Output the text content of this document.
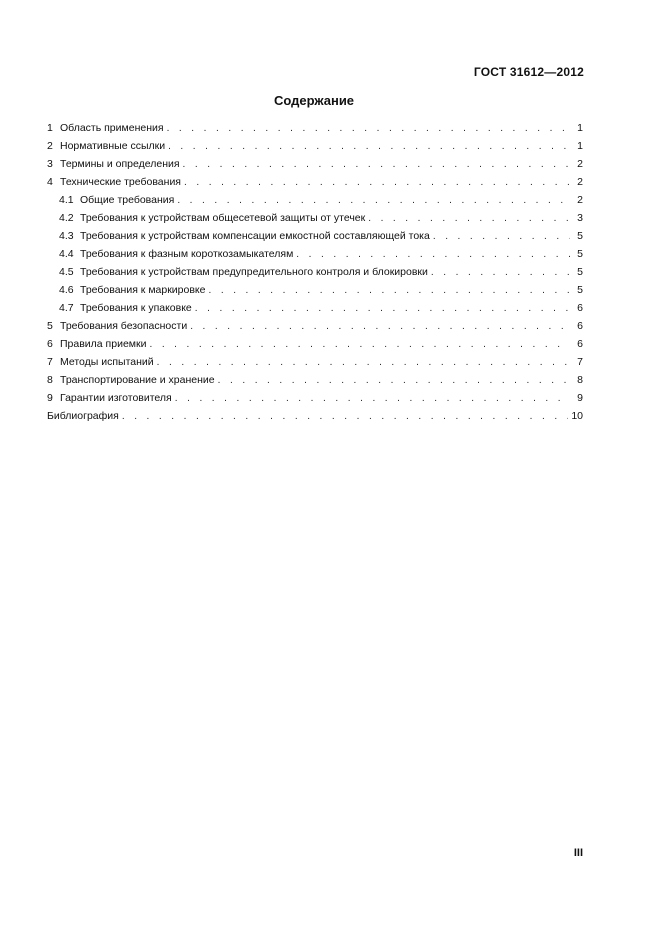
ГОСТ 31612—2012
Содержание
1 Область применения . . .	1
2 Нормативные ссылки . . .	1
3 Термины и определения . . .	2
4 Технические требования . . .	2
4.1 Общие требования . . .	2
4.2 Требования к устройствам общесетевой защиты от утечек . . .	3
4.3 Требования к устройствам компенсации емкостной составляющей тока . . .	5
4.4 Требования к фазным короткозамыкателям . . .	5
4.5 Требования к устройствам предупредительного контроля и блокировки . . .	5
4.6 Требования к маркировке . . .	5
4.7 Требования к упаковке . . .	6
5 Требования безопасности . . .	6
6 Правила приемки . . .	6
7 Методы испытаний . . .	7
8 Транспортирование и хранение . . .	8
9 Гарантии изготовителя . . .	9
Библиография . . .	10
III
